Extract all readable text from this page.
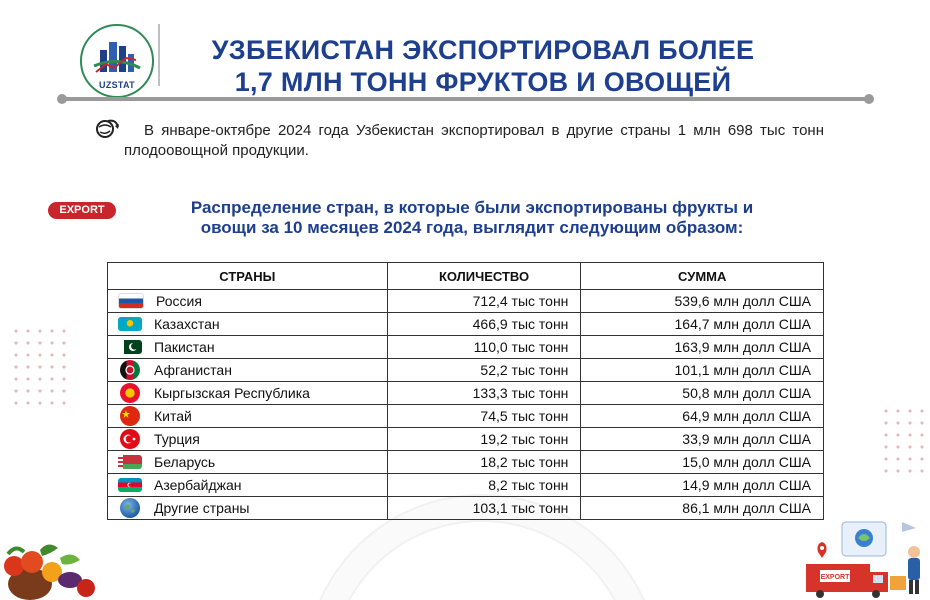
UZSTAT
УЗБЕКИСТАН ЭКСПОРТИРОВАЛ БОЛЕЕ
1,7 МЛН ТОНН ФРУКТОВ И ОВОЩЕЙ
В январе-октябре 2024 года Узбекистан экспортировал в другие страны 1 млн 698 тыс тонн плодоовощной продукции.
EXPORT	Распределение стран, в которые были экспортированы фрукты и
овощи за 10 месяцев 2024 года, выглядит следующим образом:
СТРАНЫ	КОЛИЧЕСТВО	СУММА

Россия	712,4 тыс тонн	539,6 млн долл США

Казахстан	466,9 тыс тонн	164,7 млн долл США

Пакистан	110,0 тыс тонн	163,9 млн долл США

Афганистан	52,2 тыс тонн	101,1 млн долл США

Кыргызская Республика	133,3 тыс тонн	50,8 млн долл США

Китай	74,5 тыс тонн	64,9 млн долл США

Турция	19,2 тыс тонн	33,9 млн долл США

Беларусь	18,2 тыс тонн	15,0 млн долл США

Азербайджан	8,2 тыс тонн	14,9 млн долл США

Другие страны	103,1 тыс тонн	86,1 млн долл США
EXPORT
